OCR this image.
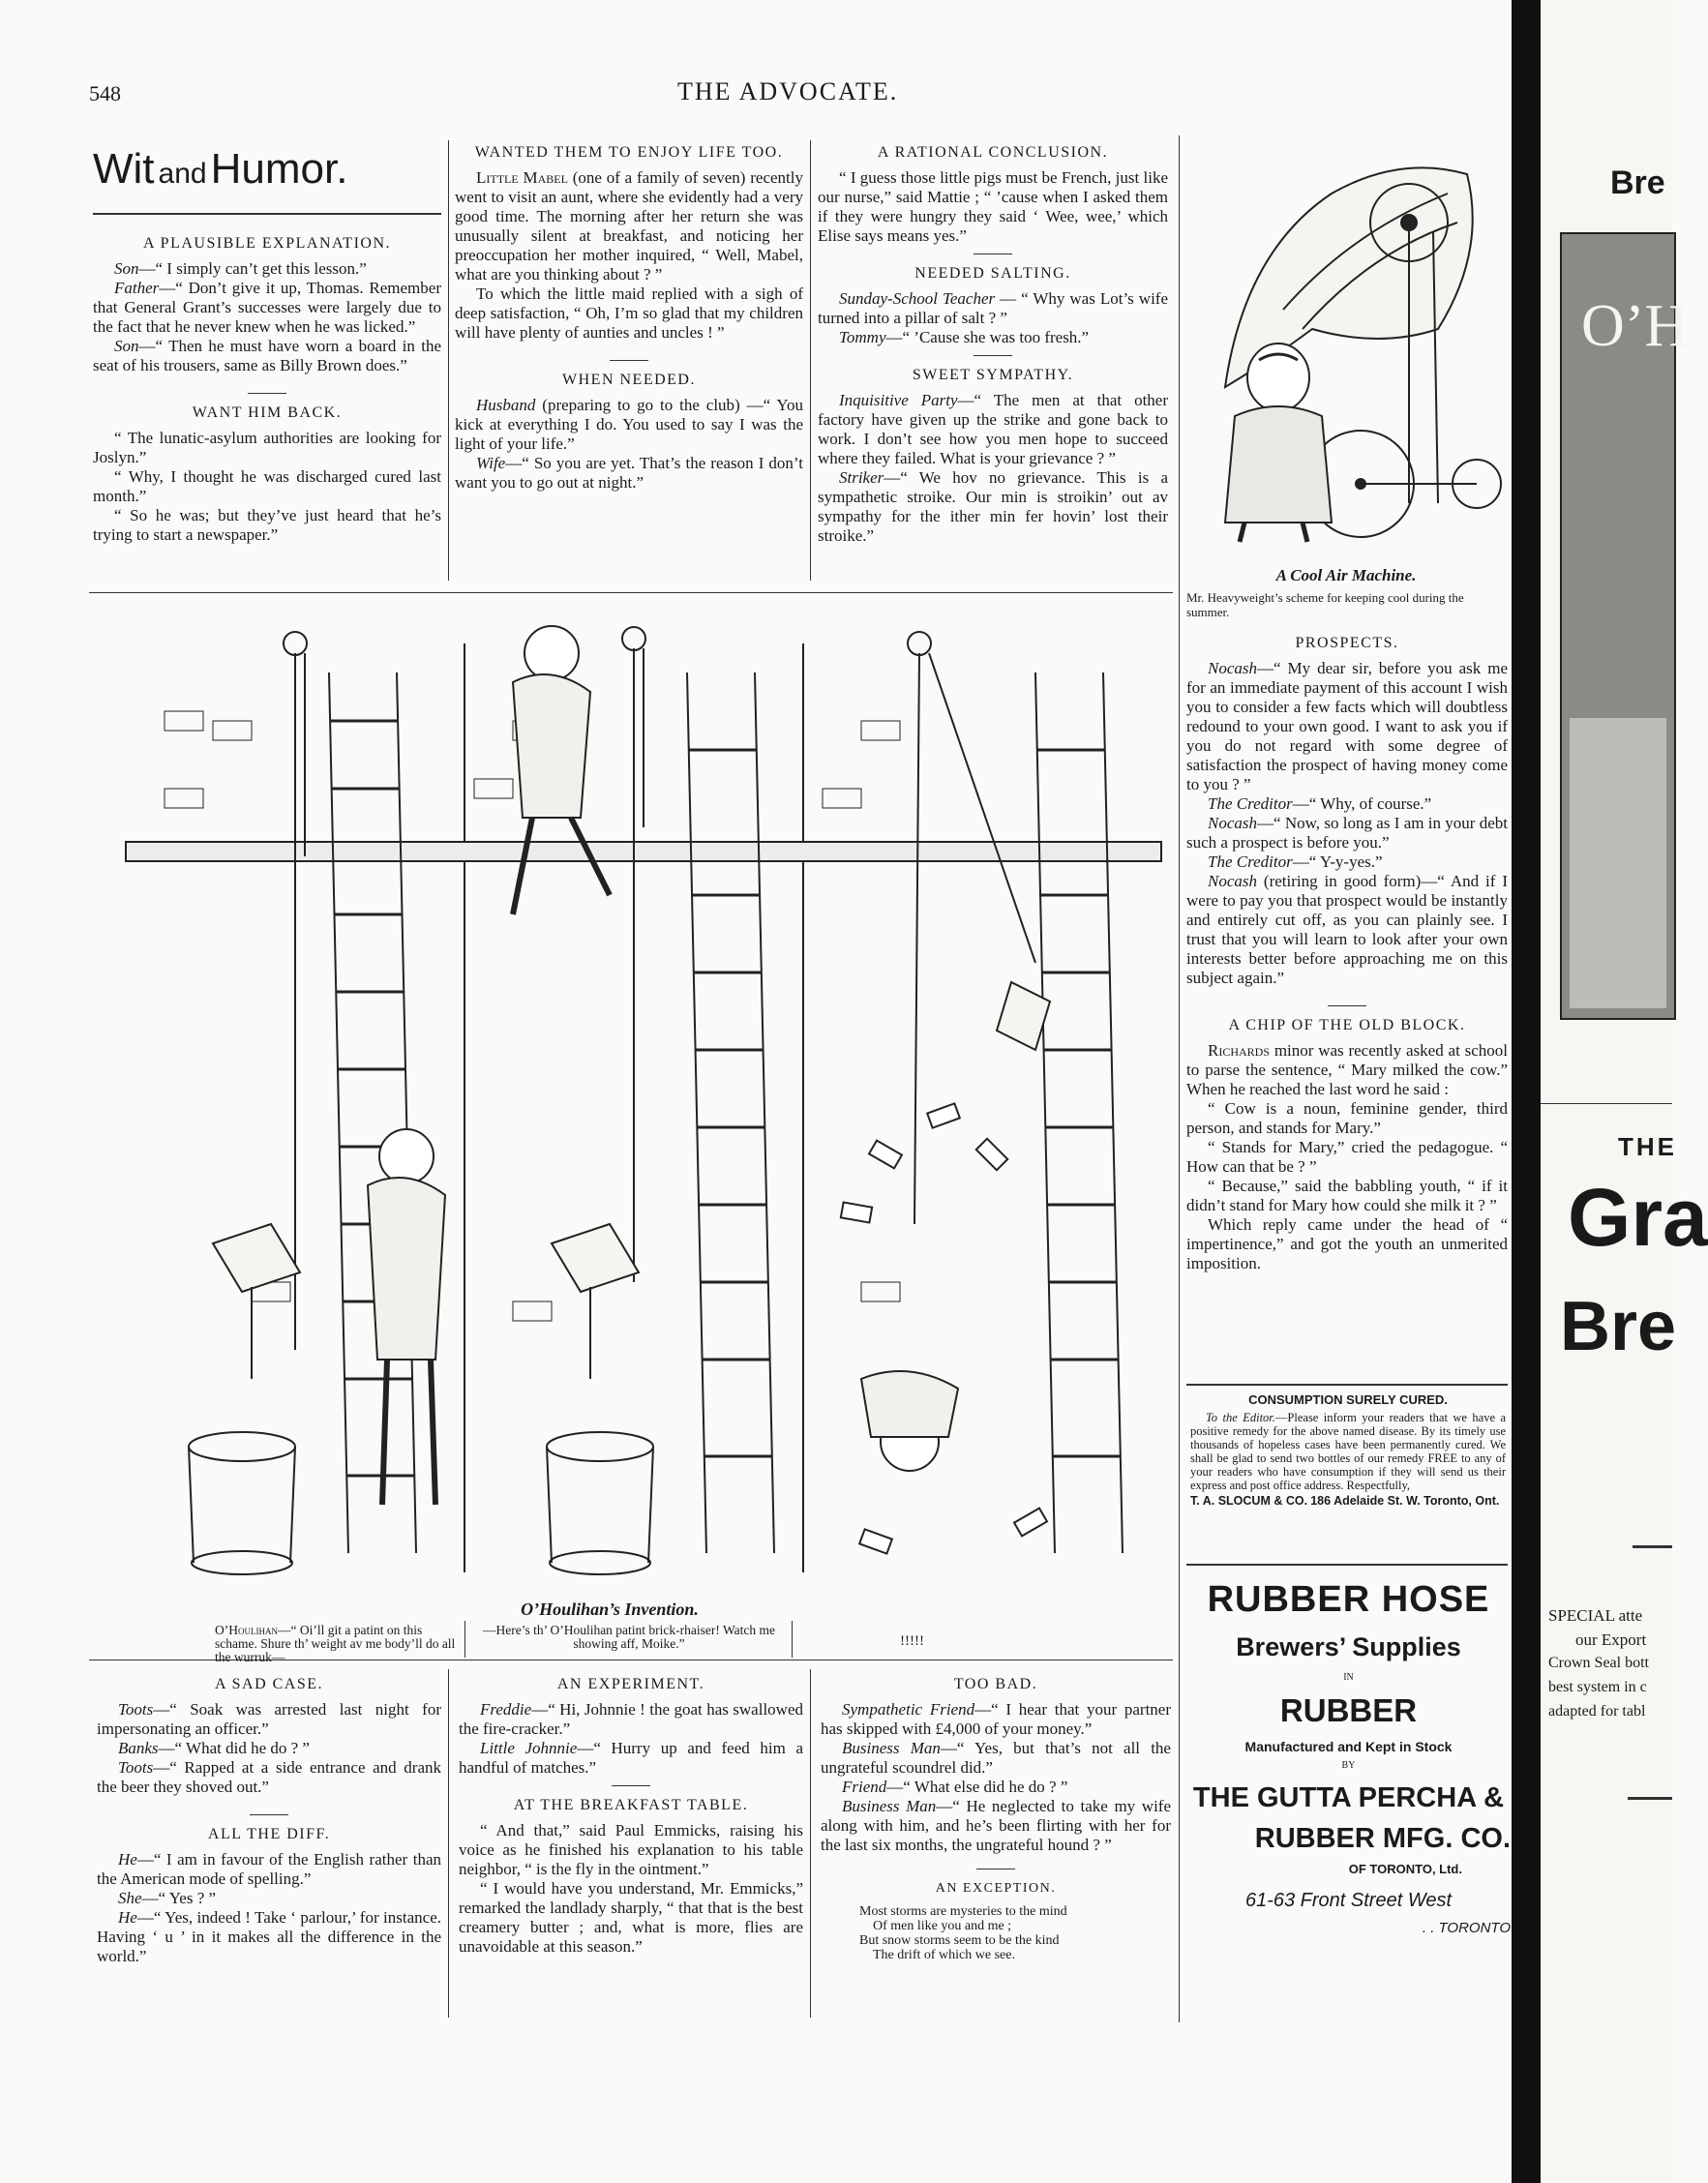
548	THE ADVOCATE.
Wit and Humor.
A PLAUSIBLE EXPLANATION.

Son—“ I simply can’t get this lesson.”

Father—“ Don’t give it up, Thomas. Remember that General Grant’s successes were largely due to the fact that he never knew when he was licked.”

Son—“ Then he must have worn a board in the seat of his trousers, same as Billy Brown does.”

WANT HIM BACK.

“ The lunatic-asylum authorities are looking for Joslyn.”

“ Why, I thought he was discharged cured last month.”

“ So he was; but they’ve just heard that he’s trying to start a newspaper.”

WANTED THEM TO ENJOY LIFE TOO.

Little Mabel (one of a family of seven) recently went to visit an aunt, where she evidently had a very good time. The morning after her return she was unusually silent at breakfast, and noticing her preoccupation her mother inquired, “ Well, Mabel, what are you thinking about ? ”

To which the little maid replied with a sigh of deep satisfaction, “ Oh, I’m so glad that my children will have plenty of aunties and uncles ! ”

WHEN NEEDED.

Husband (preparing to go to the club) —“ You kick at everything I do. You used to say I was the light of your life.”

Wife—“ So you are yet. That’s the reason I don’t want you to go out at night.”

A RATIONAL CONCLUSION.

“ I guess those little pigs must be French, just like our nurse,” said Mattie ; “ ’cause when I asked them if they were hungry they said ‘ Wee, wee,’ which Elise says means yes.”

NEEDED SALTING.

Sunday-School Teacher — “ Why was Lot’s wife turned into a pillar of salt ? ”

Tommy—“ ’Cause she was too fresh.”

SWEET SYMPATHY.

Inquisitive Party—“ The men at that other factory have given up the strike and gone back to work. I don’t see how you men hope to succeed where they failed. What is your grievance ? ”

Striker—“ We hov no grievance. This is a sympathetic stroike. Our min is stroikin’ out av sympathy for the ither min fer hovin’ lost their stroike.”

A Cool Air Machine.
Mr. Heavyweight’s scheme for keeping cool during the summer.
PROSPECTS.

Nocash—“ My dear sir, before you ask me for an immediate payment of this account I wish you to consider a few facts which will doubtless redound to your own good. I want to ask you if you do not regard with some degree of satisfaction the prospect of having money come to you ? ”

The Creditor—“ Why, of course.”

Nocash—“ Now, so long as I am in your debt such a prospect is before you.”

The Creditor—“ Y-y-yes.”

Nocash (retiring in good form)—“ And if I were to pay you that prospect would be instantly and entirely cut off, as you can plainly see. I trust that you will learn to look after your own interests better before approaching me on this subject again.”

A CHIP OF THE OLD BLOCK.

Richards minor was recently asked at school to parse the sentence, “ Mary milked the cow.” When he reached the last word he said :

“ Cow is a noun, feminine gender, third person, and stands for Mary.”

“ Stands for Mary,” cried the pedagogue. “ How can that be ? ”

“ Because,” said the babbling youth, “ if it didn’t stand for Mary how could she milk it ? ”

Which reply came under the head of “ impertinence,” and got the youth an unmerited imposition.

CONSUMPTION SURELY CURED.
To the Editor.—Please inform your readers that we have a positive remedy for the above named disease. By its timely use thousands of hopeless cases have been permanently cured. We shall be glad to send two bottles of our remedy FREE to any of your readers who have consumption if they will send us their express and post office address. Respectfully,
T. A. SLOCUM & CO. 186 Adelaide St. W. Toronto, Ont.
RUBBER HOSE
Brewers’ Supplies
IN
RUBBER
Manufactured and Kept in Stock
BY
THE GUTTA PERCHA &
RUBBER MFG. CO.
OF TORONTO, Ltd.
61-63 Front Street West
. . TORONTO
O’Houlihan’s Invention.
O’Houlihan—“ Oi’ll git a patint on this schame. Shure th’ weight av me body’ll do all the wurruk—
—Here’s th’ O’Houlihan patint brick-rhaiser! Watch me showing aff, Moike.”	!!!!!
A SAD CASE.

Toots—“ Soak was arrested last night for impersonating an officer.”

Banks—“ What did he do ? ”

Toots—“ Rapped at a side entrance and drank the beer they shoved out.”

ALL THE DIFF.

He—“ I am in favour of the English rather than the American mode of spelling.”

She—“ Yes ? ”

He—“ Yes, indeed ! Take ‘ parlour,’ for instance. Having ‘ u ’ in it makes all the difference in the world.”

AN EXPERIMENT.

Freddie—“ Hi, Johnnie ! the goat has swallowed the fire-cracker.”

Little Johnnie—“ Hurry up and feed him a handful of matches.”

AT THE BREAKFAST TABLE.

“ And that,” said Paul Emmicks, raising his voice as he finished his explanation to his table neighbor, “ is the fly in the ointment.”

“ I would have you understand, Mr. Emmicks,” remarked the landlady sharply, “ that that is the best creamery butter ; and, what is more, flies are unavoidable at this season.”

TOO BAD.

Sympathetic Friend—“ I hear that your partner has skipped with £4,000 of your money.”

Business Man—“ Yes, but that’s not all the ungrateful scoundrel did.”

Friend—“ What else did he do ? ”

Business Man—“ He neglected to take my wife along with him, and he’s been flirting with her for the last six months, the ungrateful hound ? ”

AN EXCEPTION.
Most storms are mysteries to the mind
Of men like you and me ;
But snow storms seem to be the kind
The drift of which we see.
Bre
O’H
THE
Gra
Bre
SPECIAL atte
our Export
Crown Seal bott
best system in c
adapted for tabl
